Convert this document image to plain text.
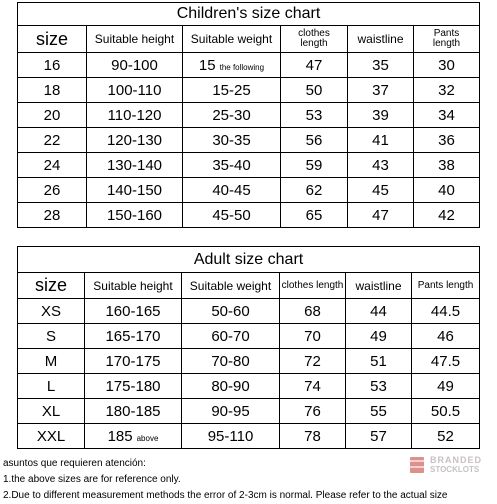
Children's size chart					
size	Suitable height	Suitable weight	clothes length	waistline	Pants length
16	90-100	15 the following	47	35	30
18	100-110	15-25	50	37	32
20	110-120	25-30	53	39	34
22	120-130	30-35	56	41	36
24	130-140	35-40	59	43	38
26	140-150	40-45	62	45	40
28	150-160	45-50	65	47	42
Adult size chart					
size	Suitable height	Suitable weight	clothes length	waistline	Pants length
XS	160-165	50-60	68	44	44.5
S	165-170	60-70	70	49	46
M	170-175	70-80	72	51	47.5
L	175-180	80-90	74	53	49
XL	180-185	90-95	76	55	50.5
XXL	185 above	95-110	78	57	52
asuntos que requieren atención:
1.the above sizes are for reference only.
2.Due to different measurement methods the error of 2-3cm is normal. Please refer to the actual size
BRANDED
STOCKLOTS
